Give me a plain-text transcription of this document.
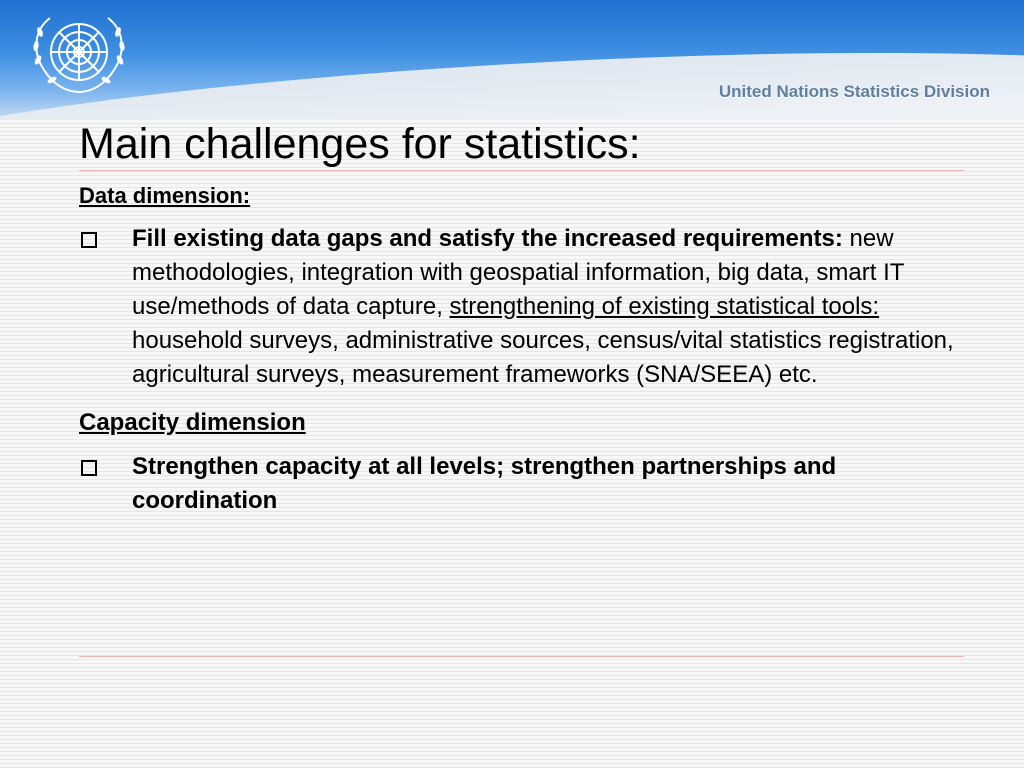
United Nations Statistics Division
Main challenges for statistics:

Data dimension:

Fill existing data gaps and satisfy the increased requirements: new methodologies, integration with geospatial information, big data, smart IT use/methods of data capture, strengthening of existing statistical tools: household surveys, administrative sources, census/vital statistics registration, agricultural surveys, measurement frameworks (SNA/SEEA) etc.

Capacity dimension

Strengthen capacity at all levels; strengthen partnerships and coordination
